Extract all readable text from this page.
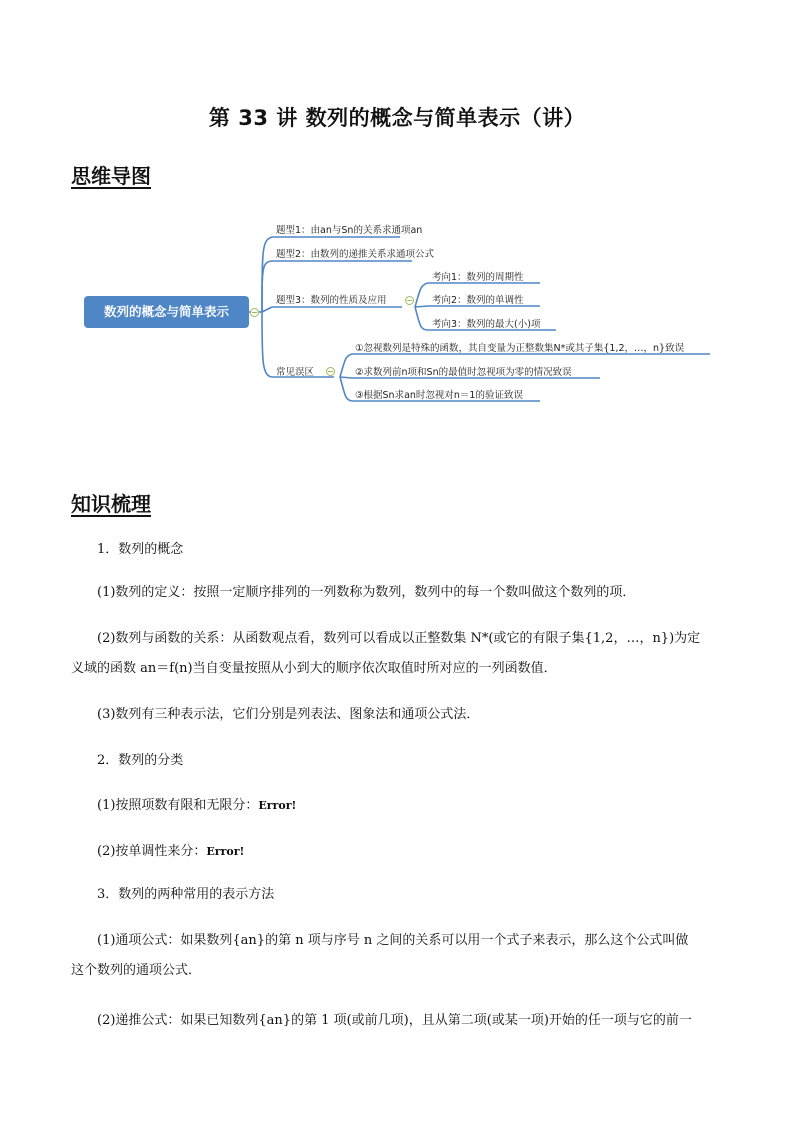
第 33 讲 数列的概念与简单表示（讲）
思维导图
数列的概念与简单表示
题型1：由an与Sn的关系求通项an
题型2：由数列的递推关系求通项公式
题型3：数列的性质及应用
常见误区
考向1：数列的周期性
考向2：数列的单调性
考向3：数列的最大(小)项
①忽视数列是特殊的函数，其自变量为正整数集N*或其子集{1,2，…，n}致误
②求数列前n项和Sn的最值时忽视项为零的情况致误
③根据Sn求an时忽视对n＝1的验证致误
知识梳理
1．数列的概念
(1)数列的定义：按照一定顺序排列的一列数称为数列，数列中的每一个数叫做这个数列的项．
(2)数列与函数的关系：从函数观点看，数列可以看成以正整数集 N*(或它的有限子集{1,2，…，n})为定
义域的函数 an＝f(n)当自变量按照从小到大的顺序依次取值时所对应的一列函数值．
(3)数列有三种表示法，它们分别是列表法、图象法和通项公式法．
2．数列的分类
(1)按照项数有限和无限分：Error!
(2)按单调性来分：Error!
3．数列的两种常用的表示方法
(1)通项公式：如果数列{an}的第 n 项与序号 n 之间的关系可以用一个式子来表示，那么这个公式叫做
这个数列的通项公式．
(2)递推公式：如果已知数列{an}的第 1 项(或前几项)，且从第二项(或某一项)开始的任一项与它的前一
